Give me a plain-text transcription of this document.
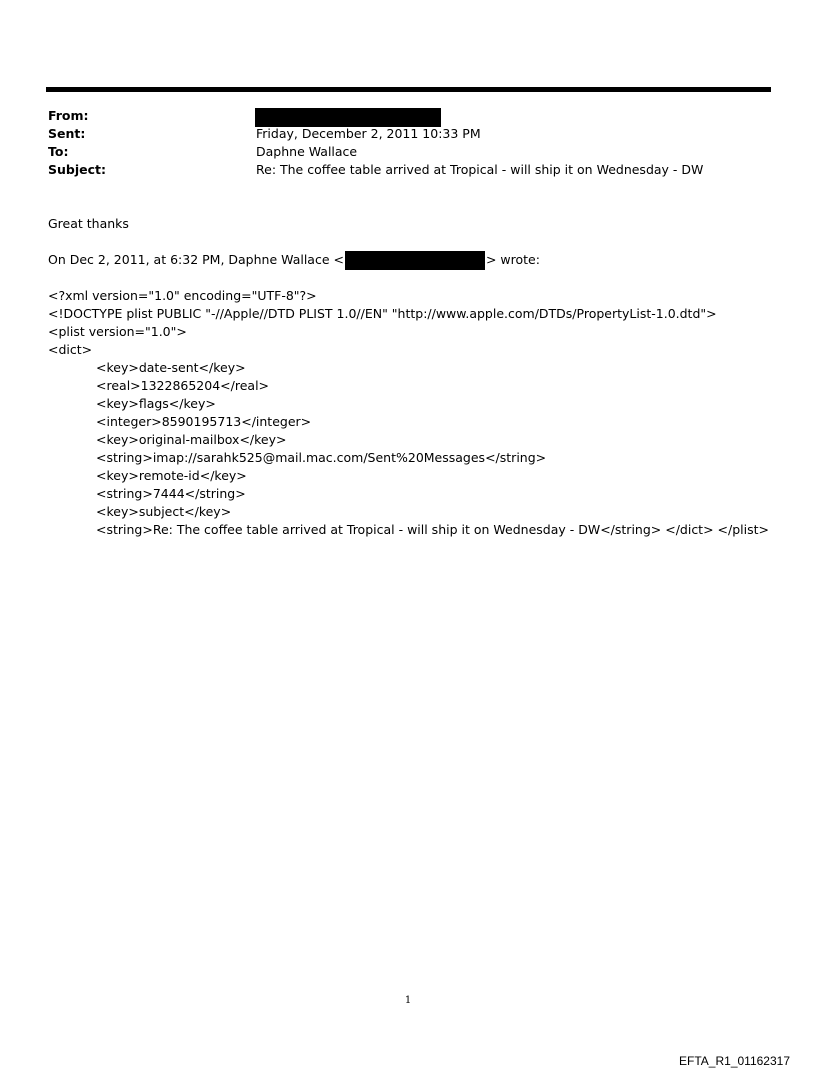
From:
Sent:	Friday, December 2, 2011 10:33 PM
To:	Daphne Wallace
Subject:	Re: The coffee table arrived at Tropical - will ship it on Wednesday - DW
Great thanks
On Dec 2, 2011, at 6:32 PM, Daphne Wallace <	> wrote:
<?xml version="1.0" encoding="UTF-8"?>
<!DOCTYPE plist PUBLIC "-//Apple//DTD PLIST 1.0//EN" "http://www.apple.com/DTDs/PropertyList-1.0.dtd">
<plist version="1.0">
<dict>
<key>date-sent</key>
<real>1322865204</real>
<key>flags</key>
<integer>8590195713</integer>
<key>original-mailbox</key>
<string>imap://sarahk525@mail.mac.com/Sent%20Messages</string>
<key>remote-id</key>
<string>7444</string>
<key>subject</key>
<string>Re: The coffee table arrived at Tropical - will ship it on Wednesday - DW</string> </dict> </plist>
1
EFTA_R1_01162317
